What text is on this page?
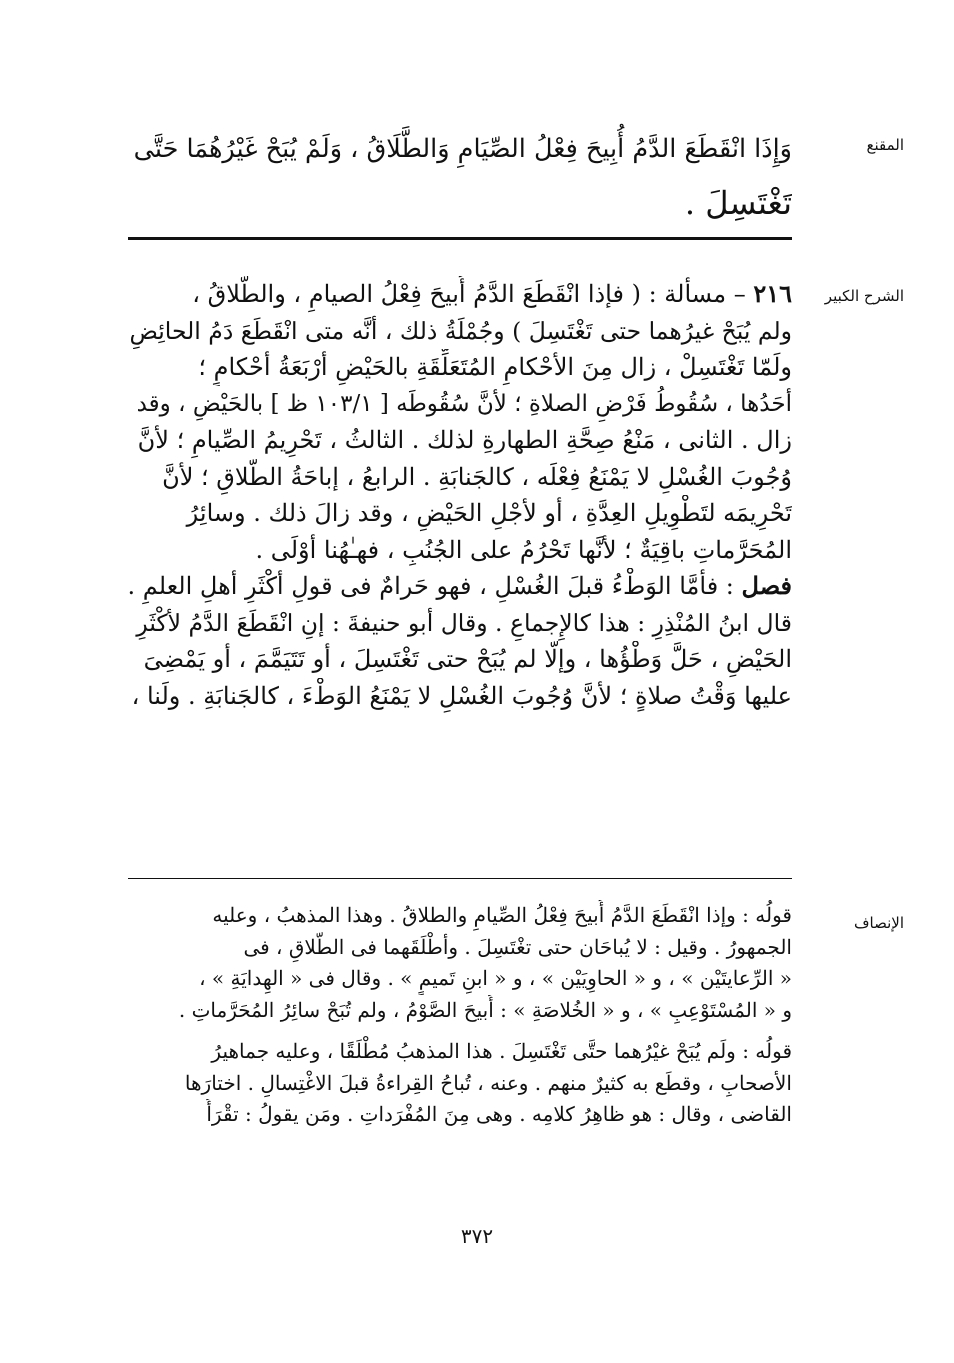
المقنع
وَإِذَا انْقَطَعَ الدَّمُ أُبِيحَ فِعْلُ الصِّيَامِ وَالطَّلَاقُ ، وَلَمْ يُبَحْ غَيْرُهُمَا حَتَّى
تَغْتَسِلَ .
الشرح الكبير
٢١٦ – مسألة : ( فإذا انْقَطَعَ الدَّمُ أُبيحَ فِعْلُ الصيامِ ، والطَّلاقُ ،
ولم يُبَحْ غيرُهما حتى تَغْتَسِلَ ) وجُمْلَةُ ذلك ، أنَّه متى انْقَطَعَ دَمُ الحائِضِ
ولَمّا تَغْتَسِلْ ، زال مِنَ الأحْكامِ المُتَعَلِّقَةِ بالحَيْضِ أرْبَعَةُ أحْكامٍ ؛
أحَدُها ، سُقُوطُ فَرْضِ الصلاةِ ؛ لأنَّ سُقُوطَه [ ١٠٣/١ ظ ] بالحَيْضِ ، وقد
زال . الثانى ، مَنْعُ صِحَّةِ الطهارةِ لذلك . الثالثُ ، تَحْرِيمُ الصِّيامِ ؛ لأنَّ
وُجُوبَ الغُسْلِ لا يَمْنَعُ فِعْلَه ، كالجَنابَةِ . الرابعُ ، إباحَةُ الطَّلاقِ ؛ لأنَّ
تَحْرِيمَه لتَطْوِيلِ العِدَّةِ ، أو لأجْلِ الحَيْضِ ، وقد زالَ ذلك . وسائِرُ
المُحَرَّماتِ باقِيَةٌ ؛ لأنَّها تَحْرُمُ على الجُنُبِ ، فهـٰهُنا أوْلَى .
فصل : فأمَّا الوَطْءُ قبلَ الغُسْلِ ، فهو حَرامٌ فى قولِ أكْثَرِ أهلِ العلمِ .
قال ابنُ المُنْذِرِ : هذا كالإِجماعِ . وقال أبو حنيفةَ : إنِ انْقَطَعَ الدَّمُ لأكْثَرِ
الحَيْضِ ، حَلَّ وَطْؤُها ، وإلَّا لم يُبَحْ حتى تَغْتَسِلَ ، أو تَتَيَمَّمَ ، أو يَمْضِىَ
عليها وَقْتُ صلاةٍ ؛ لأنَّ وُجُوبَ الغُسْلِ لا يَمْنَعُ الوَطْءَ ، كالجَنابَةِ . ولَنا ،
الإنصاف
قولُه : وإذا انْقَطَعَ الدَّمُ أُبيحَ فِعْلُ الصِّيامِ والطلاقُ . وهذا المذهبُ ، وعليه
الجمهورُ . وقيل : لا يُباحَان حتى تغْتَسِلَ . وأطْلَقَهما فى الطَّلاقِ ، فى
« الرِّعايتَيْن » ، و « الحاوِيَيْن » ، و « ابنِ تَميمٍ » . وقال فى « الهِدايَةِ » ،
و « المُسْتَوْعِبِ » ، و « الخُلاصَةِ » : أُبيحَ الصَّوْمُ ، ولم تُبَحْ سائِرُ المُحَرَّماتِ .
قولُه : ولَم يُبَحْ غيْرُهما حتَّى تَغْتَسِلَ . هذا المذهبُ مُطْلَقًا ، وعليه جماهيرُ
الأصحابِ ، وقطَع به كثيرٌ منهم . وعنه ، تُباحُ القِراءةُ قبلَ الاغْتِسالِ . اختارَها
القاضى ، وقال : هو ظاهِرُ كلامِه . وهى مِنَ المُفْرَداتِ . ومَن يقولُ : تقْرَأُ
٣٧٢
